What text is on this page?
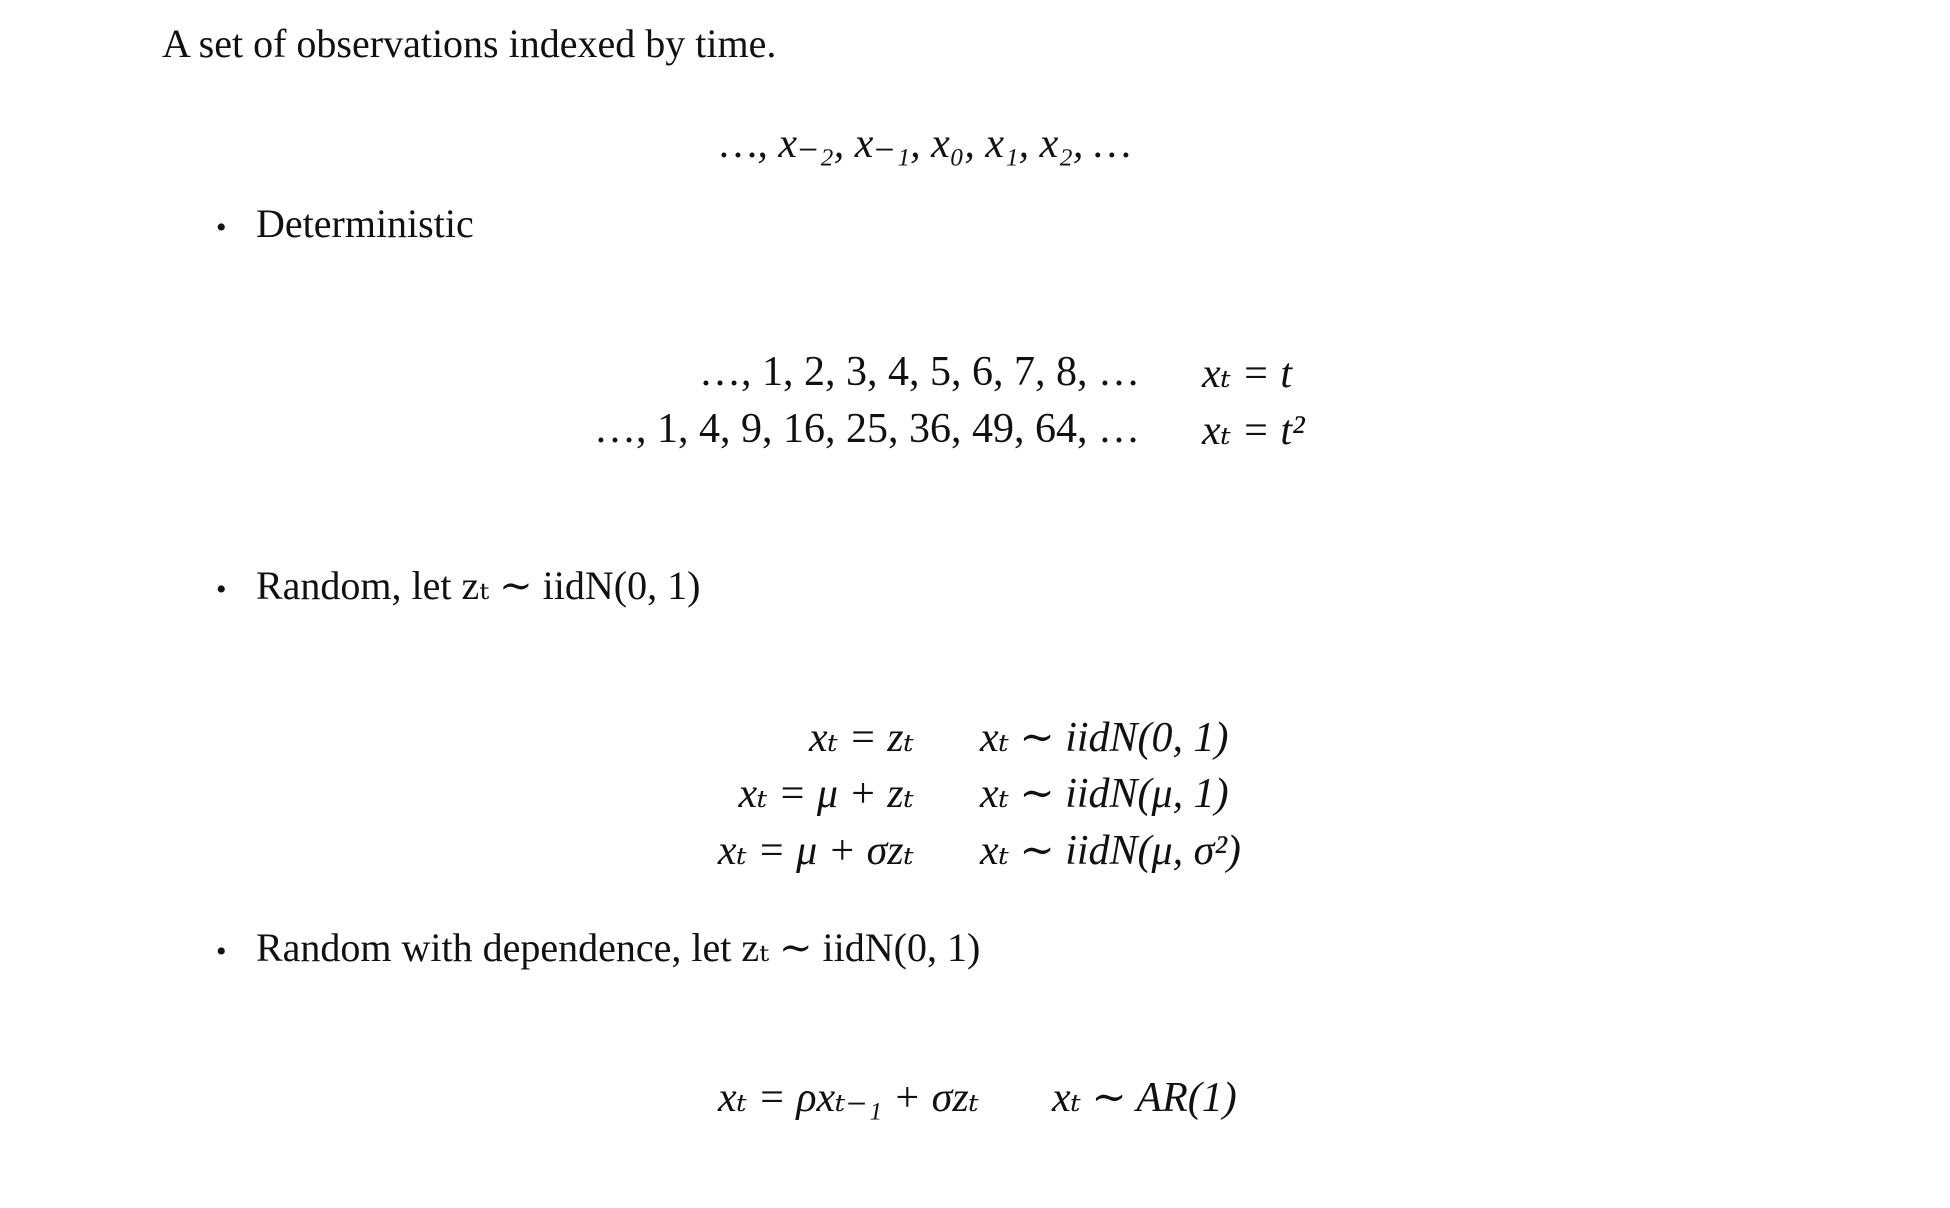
A set of observations indexed by time.
…, x₋₂, x₋₁, x₀, x₁, x₂, …
• Deterministic
…, 1, 2, 3, 4, 5, 6, 7, 8, … xₜ = t
…, 1, 4, 9, 16, 25, 36, 49, 64, … xₜ = t²
• Random, let zₜ ∼ iidN(0, 1)
xₜ = zₜ xₜ ∼ iidN(0, 1)
xₜ = μ + zₜ xₜ ∼ iidN(μ, 1)
xₜ = μ + σzₜ xₜ ∼ iidN(μ, σ²)
• Random with dependence, let zₜ ∼ iidN(0, 1)
xₜ = ρxₜ₋₁ + σzₜ xₜ ∼ AR(1)
